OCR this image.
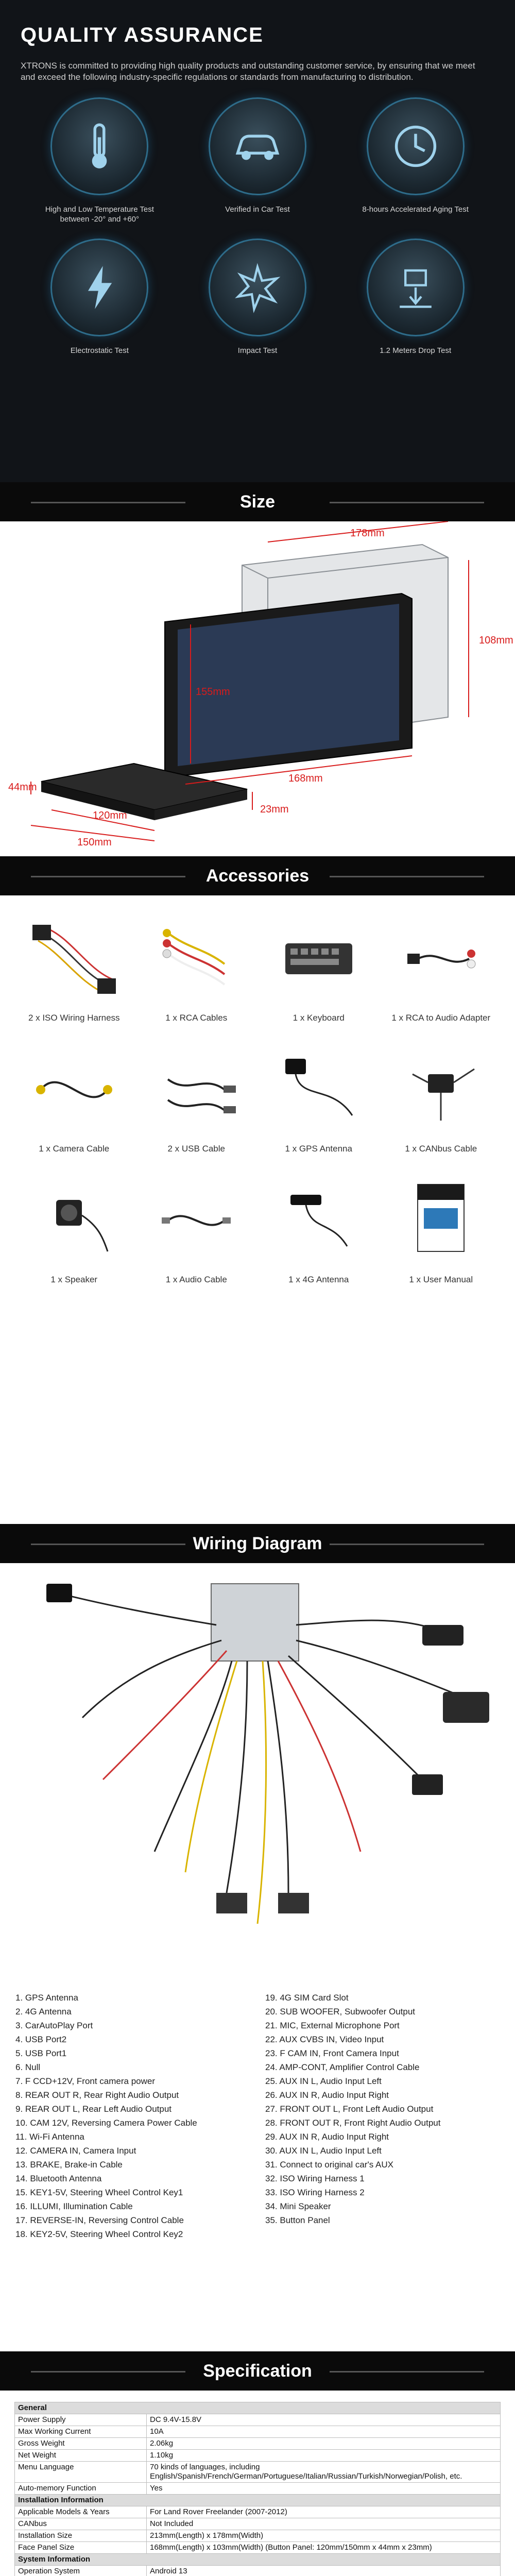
QUALITY ASSURANCE

XTRONS is committed to providing high quality products and outstanding customer service, by ensuring that we meet and exceed the following industry-specific regulations or standards from manufacturing to distribution.

High and Low Temperature Test between -20° and +60°
Verified in Car Test	8-hours Accelerated Aging Test
Electrostatic Test	Impact Test	1.2 Meters Drop Test
Size
178mm
108mm
155mm
168mm
44mm
120mm
150mm
23mm
Accessories
2 x ISO Wiring Harness	1 x RCA Cables	1 x Keyboard	1 x RCA to Audio Adapter
1 x Camera Cable	2 x USB Cable	1 x GPS Antenna	1 x CANbus Cable
1 x Speaker	1 x Audio Cable	1 x 4G Antenna	1 x User Manual
Wiring Diagram
1. GPS Antenna
2. 4G Antenna
3. CarAutoPlay Port
4. USB Port2
5. USB Port1
6. Null
7. F CCD+12V, Front camera power
8. REAR OUT R, Rear Right Audio Output
9. REAR OUT L, Rear Left Audio Output
10. CAM 12V, Reversing Camera Power Cable
11. Wi-Fi Antenna
12. CAMERA IN, Camera Input
13. BRAKE, Brake-in Cable
14. Bluetooth Antenna
15. KEY1-5V, Steering Wheel Control Key1
16. ILLUMI, Illumination Cable
17. REVERSE-IN, Reversing Control Cable
18. KEY2-5V, Steering Wheel Control Key2
19. 4G SIM Card Slot
20. SUB WOOFER, Subwoofer Output
21. MIC, External Microphone Port
22. AUX CVBS IN, Video Input
23. F CAM IN, Front Camera Input
24. AMP-CONT, Amplifier Control Cable
25. AUX IN L, Audio Input Left
26. AUX IN R, Audio Input Right
27. FRONT OUT L, Front Left Audio Output
28. FRONT OUT R, Front Right Audio Output
29. AUX IN R, Audio Input Right
30. AUX IN L, Audio Input Left
31. Connect to original car's AUX
32. ISO Wiring Harness 1
33. ISO Wiring Harness 2
34. Mini Speaker
35. Button Panel
Specification
General	
Power Supply	DC 9.4V-15.8V
Max Working Current	10A
Gross Weight	2.06kg
Net Weight	1.10kg
Menu Language	70 kinds of languages, including English/Spanish/French/German/Portuguese/Italian/Russian/Turkish/Norwegian/Polish, etc.
Auto-memory Function	Yes
Installation Information	
Applicable Models & Years	For Land Rover Freelander (2007-2012)
CANbus	Not Included
Installation Size	213mm(Length) x 178mm(Width)
Face Panel Size	168mm(Length) x 103mm(Width) (Button Panel: 120mm/150mm x 44mm x 23mm)
System Information	
Operation System	Android 13
